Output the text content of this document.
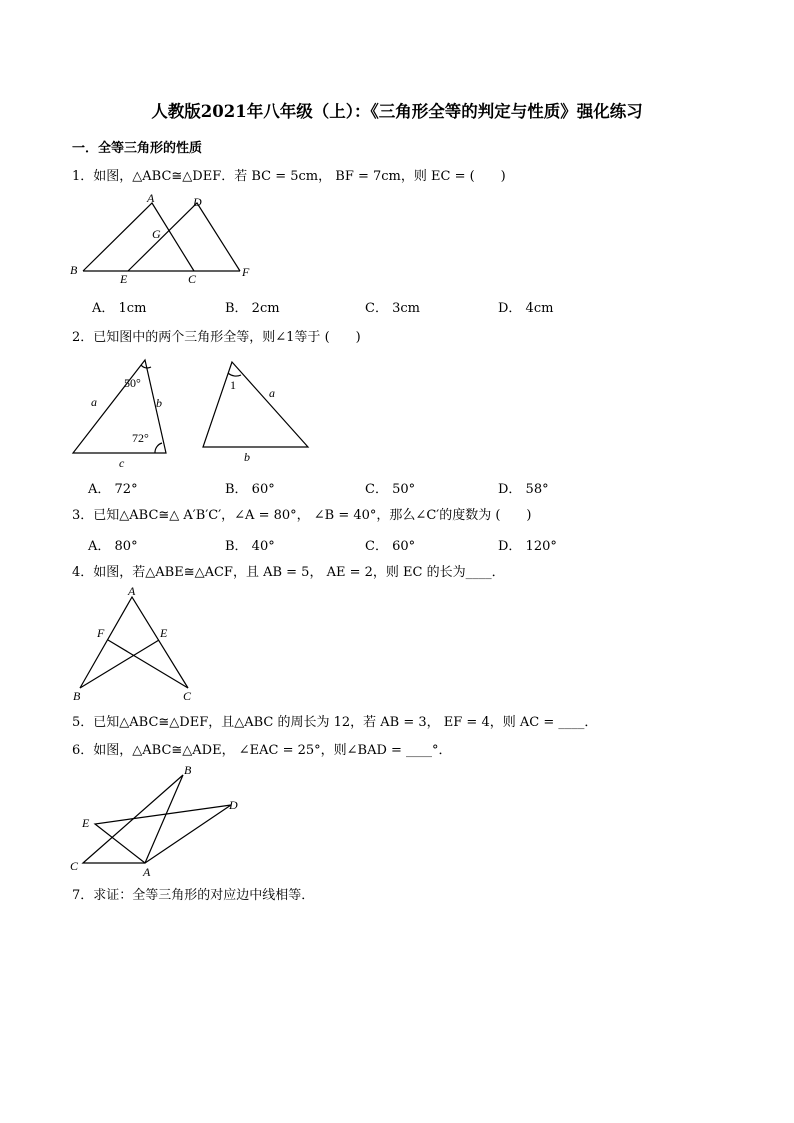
人教版2021年八年级（上）：《三角形全等的判定与性质》强化练习
一．全等三角形的性质
1．如图，△ABC≅△DEF．若 BC = 5cm， BF = 7cm，则 EC = (　　)
A
B
C
D
E	F
G
A． 1cm	B． 2cm	C． 3cm	D． 4cm
2．已知图中的两个三角形全等，则∠1等于 (　　)
50°
72°
a	b
c
1
a
b
A． 72°	B． 60°	C． 50°	D． 58°
3．已知△ABC≅△ A′B′C′，∠A = 80°， ∠B = 40°，那么∠C′的度数为 (　　)
A． 80°	B． 40°	C． 60°	D． 120°
4．如图，若△ABE≅△ACF，且 AB = 5， AE = 2，则 EC 的长为____．
A
B	C
E
F
5．已知△ABC≅△DEF，且△ABC 的周长为 12，若 AB = 3， EF = 4，则 AC = ____．
6．如图，△ABC≅△ADE， ∠EAC = 25°，则∠BAD = ____°．
B
D
E
C	A
7．求证：全等三角形的对应边中线相等．
